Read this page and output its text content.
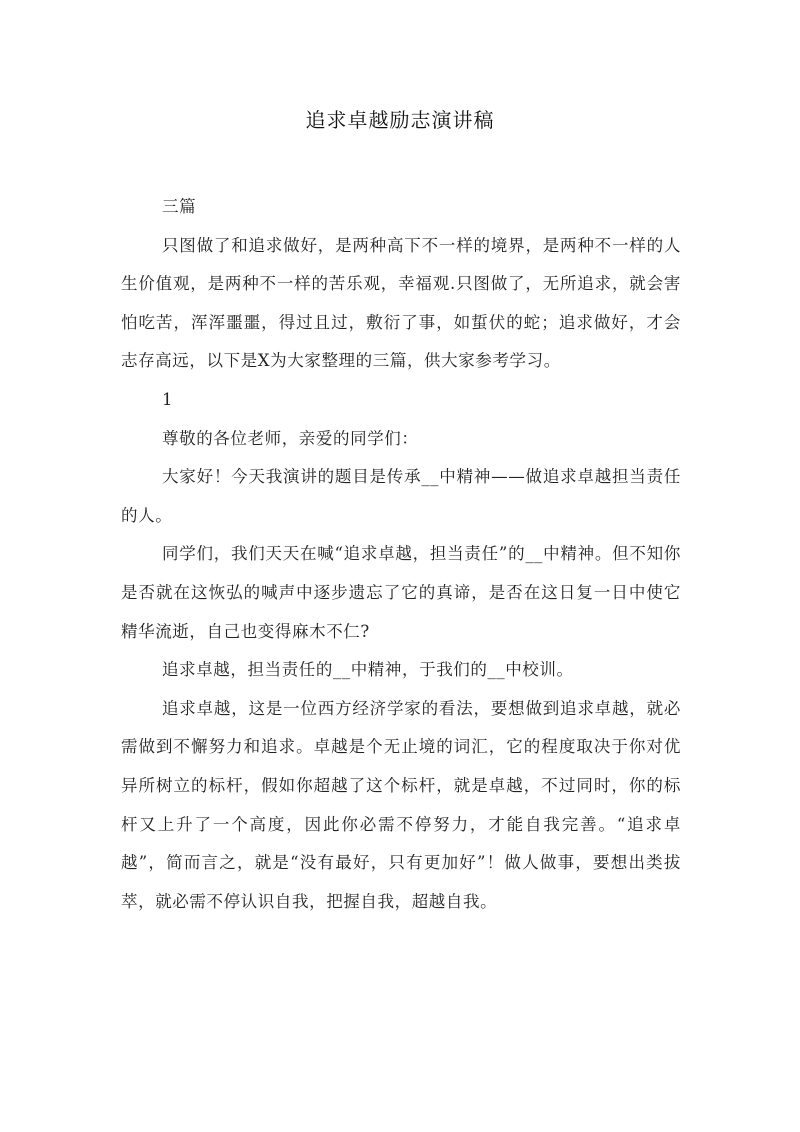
追求卓越励志演讲稿

三篇

只图做了和追求做好，是两种高下不一样的境界，是两种不一样的人生价值观，是两种不一样的苦乐观，幸福观.只图做了，无所追求，就会害怕吃苦，浑浑噩噩，得过且过，敷衍了事，如蜇伏的蛇；追求做好，才会志存高远，以下是X为大家整理的三篇，供大家参考学习。

1

尊敬的各位老师，亲爱的同学们：

大家好！今天我演讲的题目是传承__中精神——做追求卓越担当责任的人。

同学们，我们天天在喊“追求卓越，担当责任”的__中精神。但不知你是否就在这恢弘的喊声中逐步遗忘了它的真谛，是否在这日复一日中使它精华流逝，自己也变得麻木不仁?

追求卓越，担当责任的__中精神，于我们的__中校训。

追求卓越，这是一位西方经济学家的看法，要想做到追求卓越，就必需做到不懈努力和追求。卓越是个无止境的词汇，它的程度取决于你对优异所树立的标杆，假如你超越了这个标杆，就是卓越，不过同时，你的标杆又上升了一个高度，因此你必需不停努力，才能自我完善。“追求卓越”，简而言之，就是“没有最好，只有更加好”！做人做事，要想出类拔萃，就必需不停认识自我，把握自我，超越自我。
